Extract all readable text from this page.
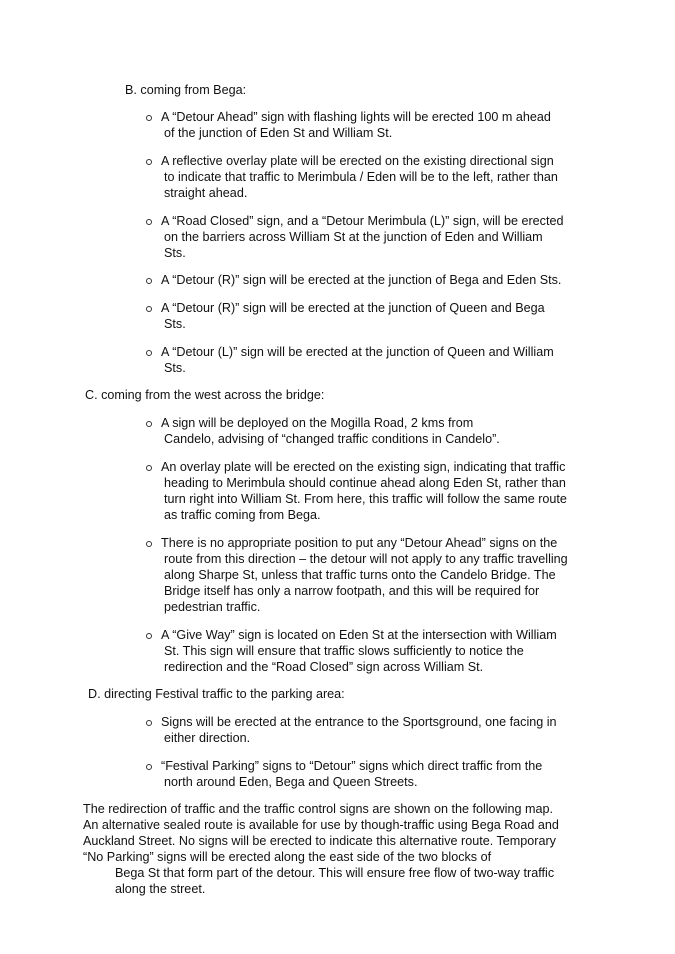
B. coming from Bega:
A “Detour Ahead” sign with flashing lights will be erected 100 m ahead
of the junction of Eden St and William St.
A reflective overlay plate will be erected on the existing directional sign
to indicate that traffic to Merimbula / Eden will be to the left, rather than
straight ahead.
A “Road Closed” sign, and a “Detour Merimbula (L)” sign, will be erected
on the barriers across William St at the junction of Eden and William
Sts.
A “Detour (R)” sign will be erected at the junction of Bega and Eden Sts.
A “Detour (R)” sign will be erected at the junction of Queen and Bega
Sts.
A “Detour (L)” sign will be erected at the junction of Queen and William
Sts.
C. coming from the west across the bridge:
A sign will be deployed on the Mogilla Road, 2 kms from
Candelo, advising of “changed traffic conditions in Candelo”.
An overlay plate will be erected on the existing sign, indicating that traffic
heading to Merimbula should continue ahead along Eden St, rather than
turn right into William St. From here, this traffic will follow the same route
as traffic coming from Bega.
There is no appropriate position to put any “Detour Ahead” signs on the
route from this direction – the detour will not apply to any traffic travelling
along Sharpe St, unless that traffic turns onto the Candelo Bridge. The
Bridge itself has only a narrow footpath, and this will be required for
pedestrian traffic.
A “Give Way” sign is located on Eden St at the intersection with William
St. This sign will ensure that traffic slows sufficiently to notice the
redirection and the “Road Closed” sign across William St.
D. directing Festival traffic to the parking area:
Signs will be erected at the entrance to the Sportsground, one facing in
either direction.
“Festival Parking” signs to “Detour” signs which direct traffic from the
north around Eden, Bega and Queen Streets.
The redirection of traffic and the traffic control signs are shown on the following map.
An alternative sealed route is available for use by though-traffic using Bega Road and
Auckland Street. No signs will be erected to indicate this alternative route. Temporary
“No Parking” signs will be erected along the east side of the two blocks of
Bega St that form part of the detour. This will ensure free flow of two-way traffic
along the street.
